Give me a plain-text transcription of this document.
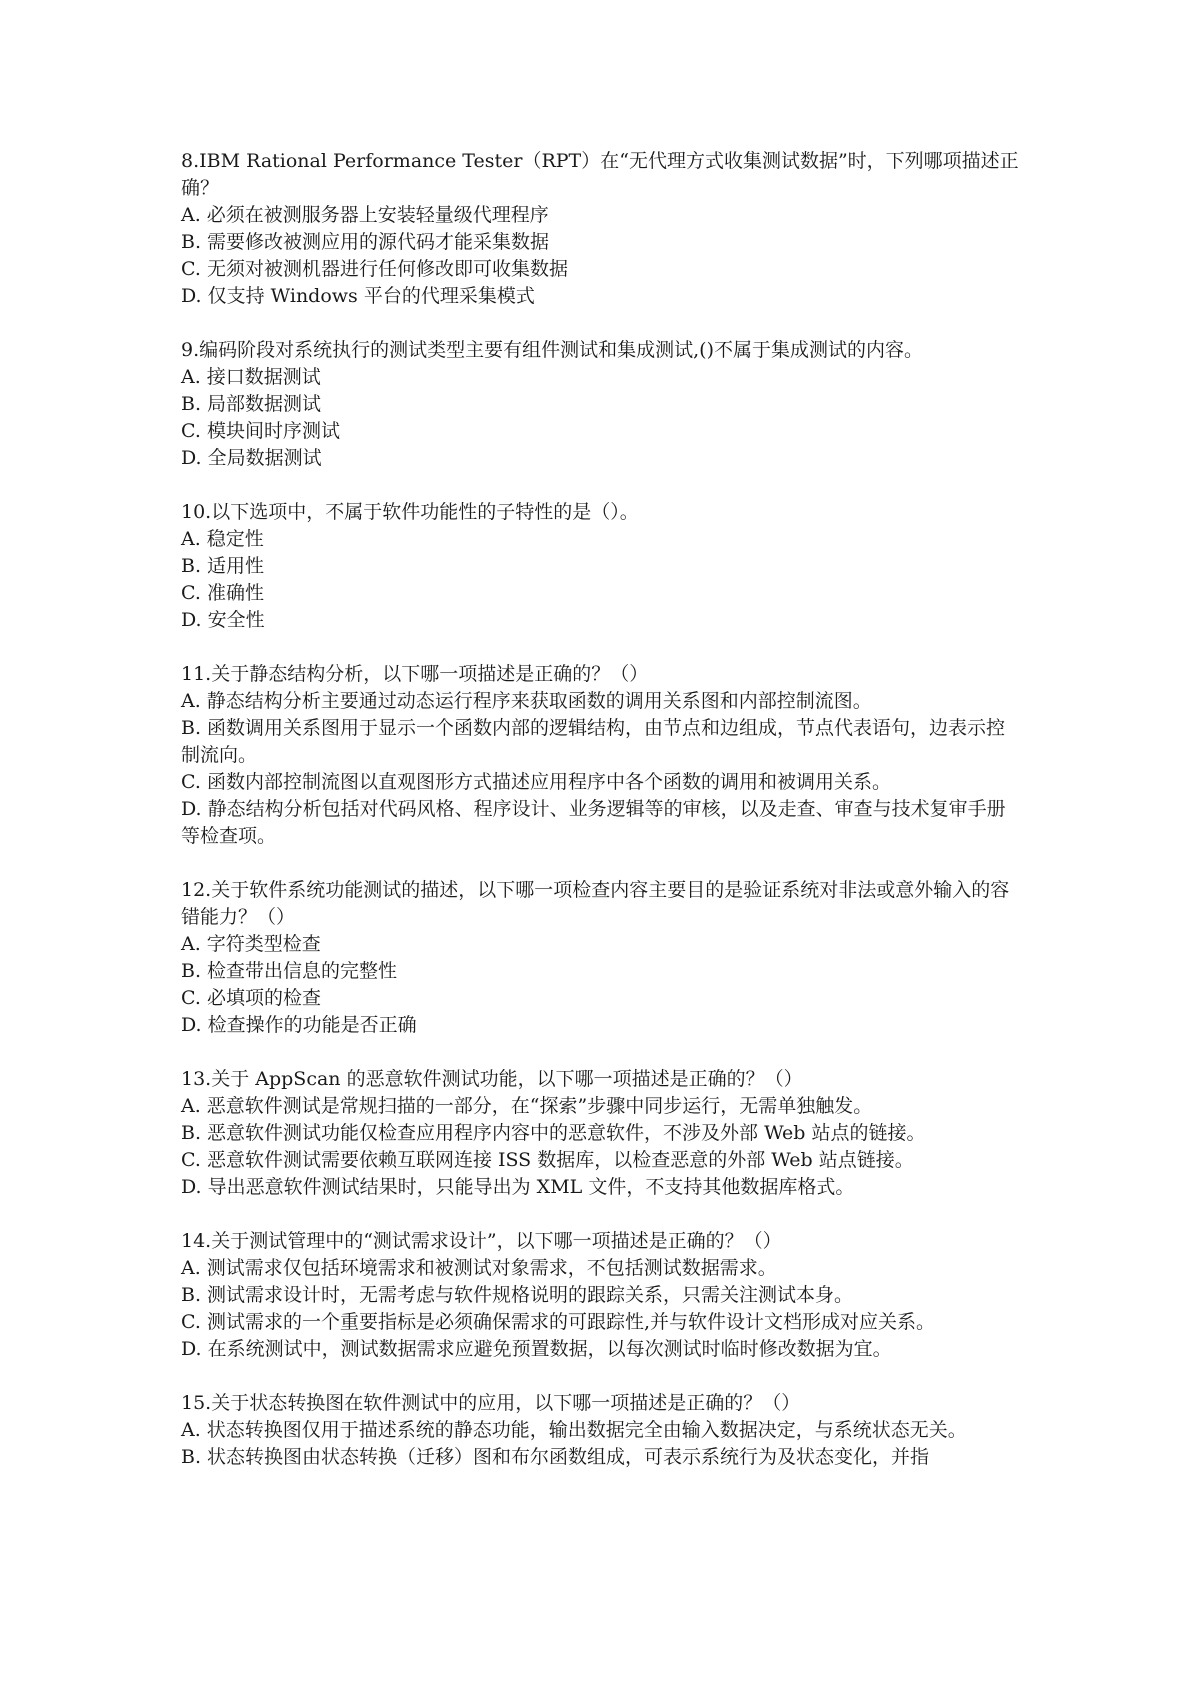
8.IBM Rational Performance Tester（RPT）在“无代理方式收集测试数据”时，下列哪项描述正确？

A. 必须在被测服务器上安装轻量级代理程序

B. 需要修改被测应用的源代码才能采集数据

C. 无须对被测机器进行任何修改即可收集数据

D. 仅支持 Windows 平台的代理采集模式

9.编码阶段对系统执行的测试类型主要有组件测试和集成测试,()不属于集成测试的内容。

A. 接口数据测试

B. 局部数据测试

C. 模块间时序测试

D. 全局数据测试

10.以下选项中，不属于软件功能性的子特性的是（）。

A. 稳定性

B. 适用性

C. 准确性

D. 安全性

11.关于静态结构分析，以下哪一项描述是正确的？（）

A. 静态结构分析主要通过动态运行程序来获取函数的调用关系图和内部控制流图。

B. 函数调用关系图用于显示一个函数内部的逻辑结构，由节点和边组成，节点代表语句，边表示控制流向。

C. 函数内部控制流图以直观图形方式描述应用程序中各个函数的调用和被调用关系。

D. 静态结构分析包括对代码风格、程序设计、业务逻辑等的审核，以及走查、审查与技术复审手册等检查项。

12.关于软件系统功能测试的描述，以下哪一项检查内容主要目的是验证系统对非法或意外输入的容错能力？（）

A. 字符类型检查

B. 检查带出信息的完整性

C. 必填项的检查

D. 检查操作的功能是否正确

13.关于 AppScan 的恶意软件测试功能，以下哪一项描述是正确的？（）

A. 恶意软件测试是常规扫描的一部分，在“探索”步骤中同步运行，无需单独触发。

B. 恶意软件测试功能仅检查应用程序内容中的恶意软件，不涉及外部 Web 站点的链接。

C. 恶意软件测试需要依赖互联网连接 ISS 数据库，以检查恶意的外部 Web 站点链接。

D. 导出恶意软件测试结果时，只能导出为 XML 文件，不支持其他数据库格式。

14.关于测试管理中的“测试需求设计”，以下哪一项描述是正确的？（）

A. 测试需求仅包括环境需求和被测试对象需求，不包括测试数据需求。

B. 测试需求设计时，无需考虑与软件规格说明的跟踪关系，只需关注测试本身。

C. 测试需求的一个重要指标是必须确保需求的可跟踪性,并与软件设计文档形成对应关系。

D. 在系统测试中，测试数据需求应避免预置数据，以每次测试时临时修改数据为宜。

15.关于状态转换图在软件测试中的应用，以下哪一项描述是正确的？（）

A. 状态转换图仅用于描述系统的静态功能，输出数据完全由输入数据决定，与系统状态无关。

B. 状态转换图由状态转换（迁移）图和布尔函数组成，可表示系统行为及状态变化，并指
